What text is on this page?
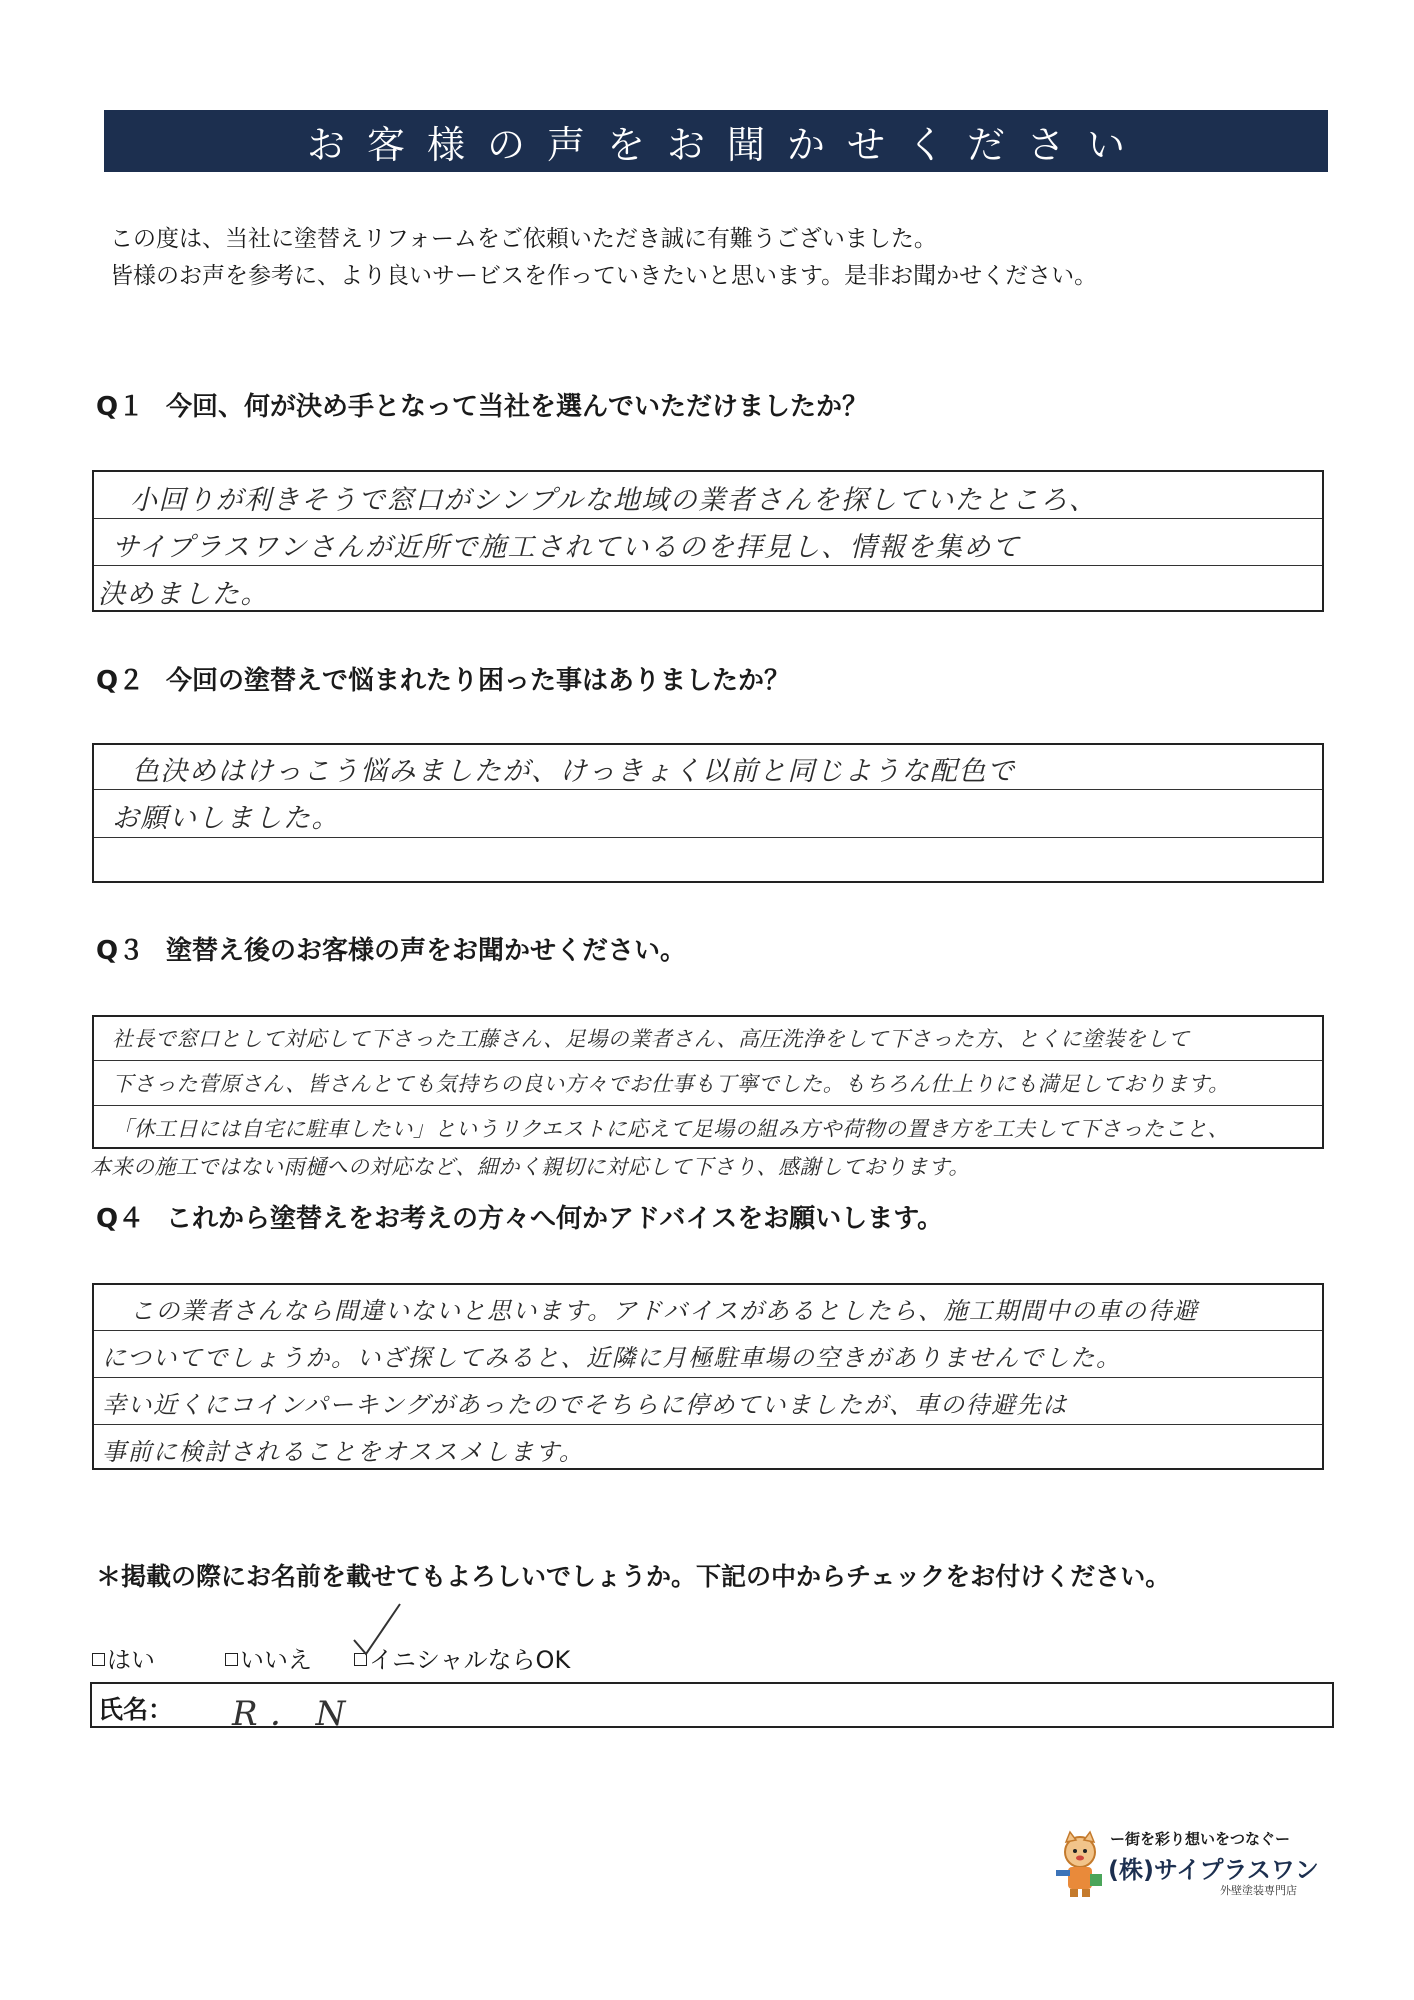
お客様の声をお聞かせください
この度は、当社に塗替えリフォームをご依頼いただき誠に有難うございました。
皆様のお声を参考に、より良いサービスを作っていきたいと思います。是非お聞かせください。
Q１ 今回、何が決め手となって当社を選んでいただけましたか？
小回りが利きそうで窓口がシンプルな地域の業者さんを探していたところ、
サイプラスワンさんが近所で施工されているのを拝見し、情報を集めて
決めました。
Q２ 今回の塗替えで悩まれたり困った事はありましたか？
色決めはけっこう悩みましたが、けっきょく以前と同じような配色で
お願いしました。
Q３ 塗替え後のお客様の声をお聞かせください。
社長で窓口として対応して下さった工藤さん、足場の業者さん、高圧洗浄をして下さった方、とくに塗装をして
下さった菅原さん、皆さんとても気持ちの良い方々でお仕事も丁寧でした。もちろん仕上りにも満足しております。
「休工日には自宅に駐車したい」というリクエストに応えて足場の組み方や荷物の置き方を工夫して下さったこと、
本来の施工ではない雨樋への対応など、細かく親切に対応して下さり、感謝しております。
Q４ これから塗替えをお考えの方々へ何かアドバイスをお願いします。
この業者さんなら間違いないと思います。アドバイスがあるとしたら、施工期間中の車の待避
についてでしょうか。いざ探してみると、近隣に月極駐車場の空きがありませんでした。
幸い近くにコインパーキングがあったのでそちらに停めていましたが、車の待避先は
事前に検討されることをオススメします。
＊掲載の際にお名前を載せてもよろしいでしょうか。下記の中からチェックをお付けください。
はい	いいえ イニシャルならOK
氏名： R．N
ー街を彩り想いをつなぐー
(株)サイプラスワン
外壁塗装専門店
